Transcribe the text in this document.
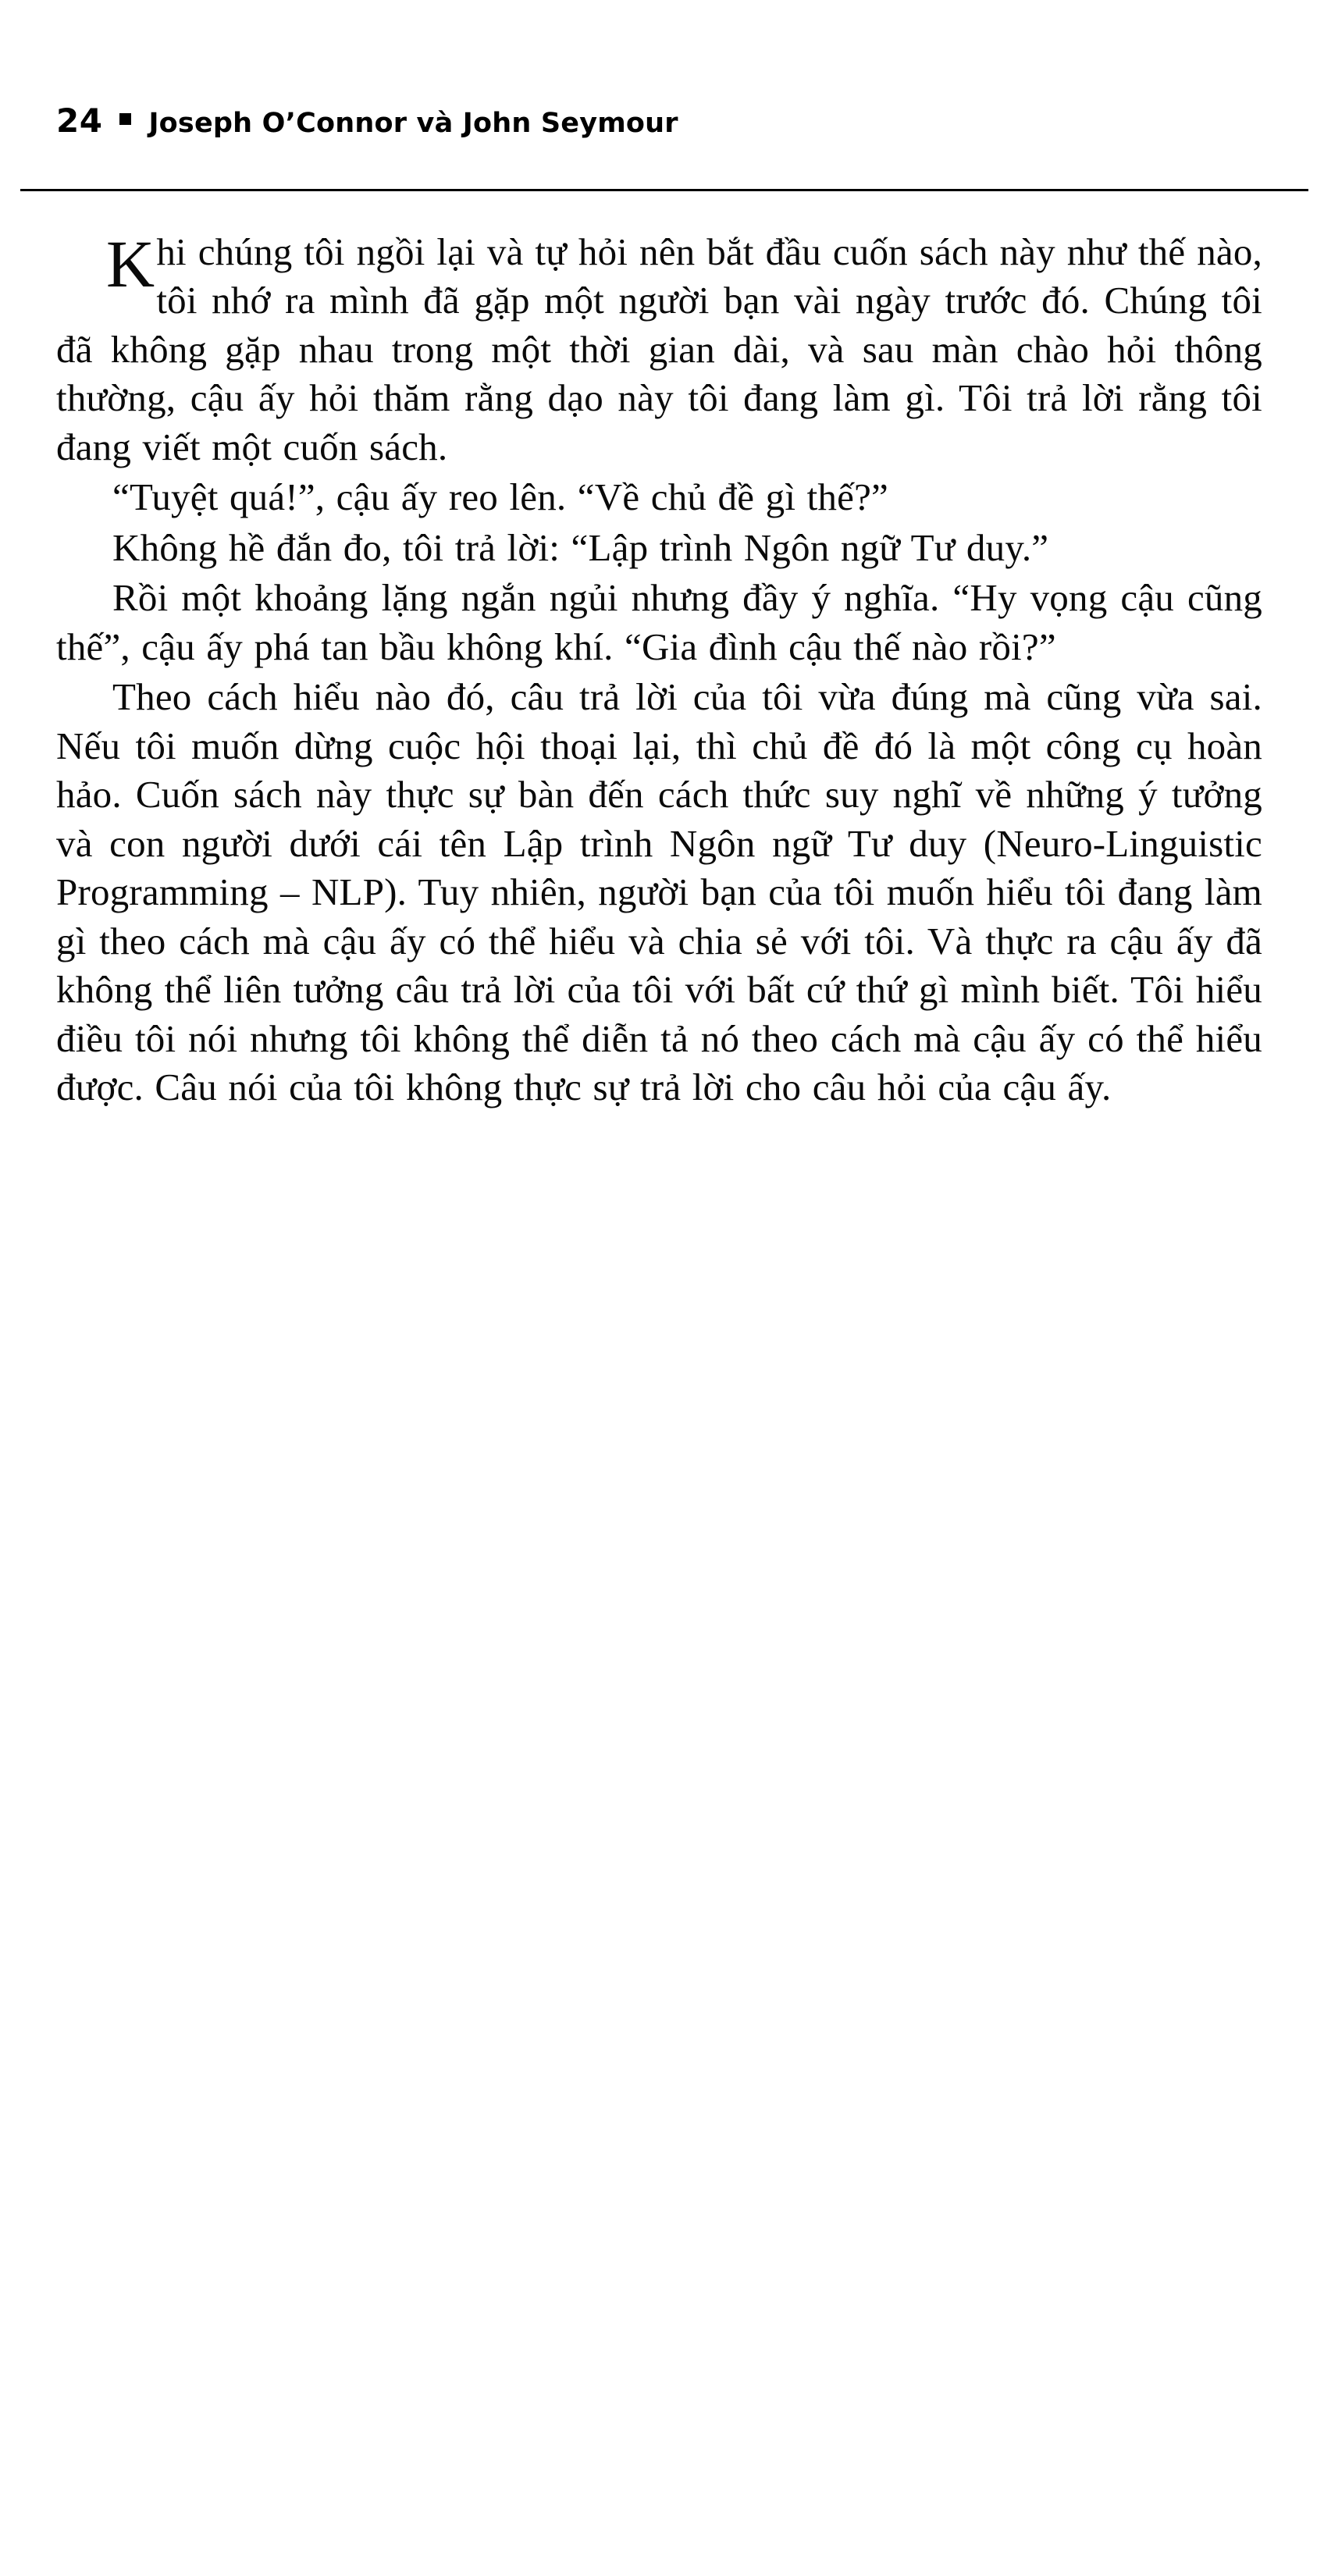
24 Joseph O’Connor và John Seymour

Khi chúng tôi ngồi lại và tự hỏi nên bắt đầu cuốn sách này như thế nào, tôi nhớ ra mình đã gặp một người bạn vài ngày trước đó. Chúng tôi đã không gặp nhau trong một thời gian dài, và sau màn chào hỏi thông thường, cậu ấy hỏi thăm rằng dạo này tôi đang làm gì. Tôi trả lời rằng tôi đang viết một cuốn sách.

“Tuyệt quá!”, cậu ấy reo lên. “Về chủ đề gì thế?”

Không hề đắn đo, tôi trả lời: “Lập trình Ngôn ngữ Tư duy.”

Rồi một khoảng lặng ngắn ngủi nhưng đầy ý nghĩa. “Hy vọng cậu cũng thế”, cậu ấy phá tan bầu không khí. “Gia đình cậu thế nào rồi?”

Theo cách hiểu nào đó, câu trả lời của tôi vừa đúng mà cũng vừa sai. Nếu tôi muốn dừng cuộc hội thoại lại, thì chủ đề đó là một công cụ hoàn hảo. Cuốn sách này thực sự bàn đến cách thức suy nghĩ về những ý tưởng và con người dưới cái tên Lập trình Ngôn ngữ Tư duy (Neuro-Linguistic Programming – NLP). Tuy nhiên, người bạn của tôi muốn hiểu tôi đang làm gì theo cách mà cậu ấy có thể hiểu và chia sẻ với tôi. Và thực ra cậu ấy đã không thể liên tưởng câu trả lời của tôi với bất cứ thứ gì mình biết. Tôi hiểu điều tôi nói nhưng tôi không thể diễn tả nó theo cách mà cậu ấy có thể hiểu được. Câu nói của tôi không thực sự trả lời cho câu hỏi của cậu ấy.
